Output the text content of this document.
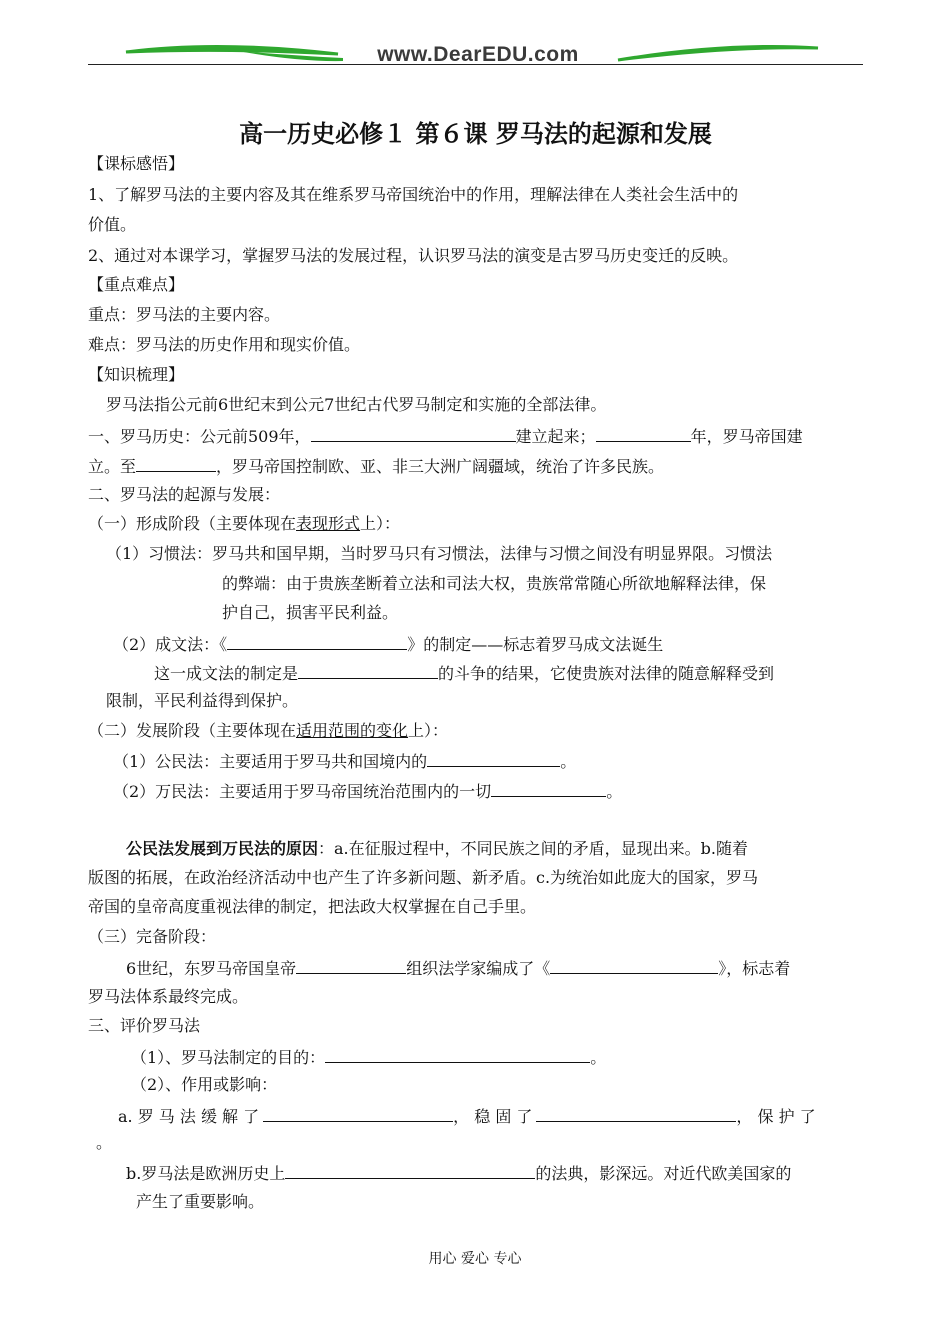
www.DearEDU.com
高一历史必修１ 第６课 罗马法的起源和发展
【课标感悟】
1、了解罗马法的主要内容及其在维系罗马帝国统治中的作用，理解法律在人类社会生活中的
价值。
2、通过对本课学习，掌握罗马法的发展过程，认识罗马法的演变是古罗马历史变迁的反映。
【重点难点】
重点：罗马法的主要内容。
难点：罗马法的历史作用和现实价值。
【知识梳理】
罗马法指公元前6世纪末到公元7世纪古代罗马制定和实施的全部法律。
一、罗马历史：公元前509年，	建立起来；	年，罗马帝国建
立。至	，罗马帝国控制欧、亚、非三大洲广阔疆域，统治了许多民族。
二、罗马法的起源与发展：
（一）形成阶段（主要体现在表现形式上）：
（1）习惯法：罗马共和国早期，当时罗马只有习惯法，法律与习惯之间没有明显界限。习惯法
的弊端：由于贵族垄断着立法和司法大权，贵族常常随心所欲地解释法律，保
护自己，损害平民利益。
（2）成文法：《	》的制定——标志着罗马成文法诞生
这一成文法的制定是	的斗争的结果，它使贵族对法律的随意解释受到
限制，平民利益得到保护。
（二）发展阶段（主要体现在适用范围的变化上）：
（1）公民法：主要适用于罗马共和国境内的	。
（2）万民法：主要适用于罗马帝国统治范围内的一切	。
公民法发展到万民法的原因：a.在征服过程中，不同民族之间的矛盾，显现出来。b.随着
版图的拓展，在政治经济活动中也产生了许多新问题、新矛盾。c.为统治如此庞大的国家，罗马
帝国的皇帝高度重视法律的制定，把法政大权掌握在自己手里。
（三）完备阶段：
6世纪，东罗马帝国皇帝	组织法学家编成了《	》，标志着
罗马法体系最终完成。
三、评价罗马法
（1）、罗马法制定的目的：	。
（2）、作用或影响：
a. 罗 马 法 缓 解 了	， 稳 固 了	， 保 护 了
。
b.罗马法是欧洲历史上	的法典，影深远。对近代欧美国家的
产生了重要影响。
用心 爱心 专心
